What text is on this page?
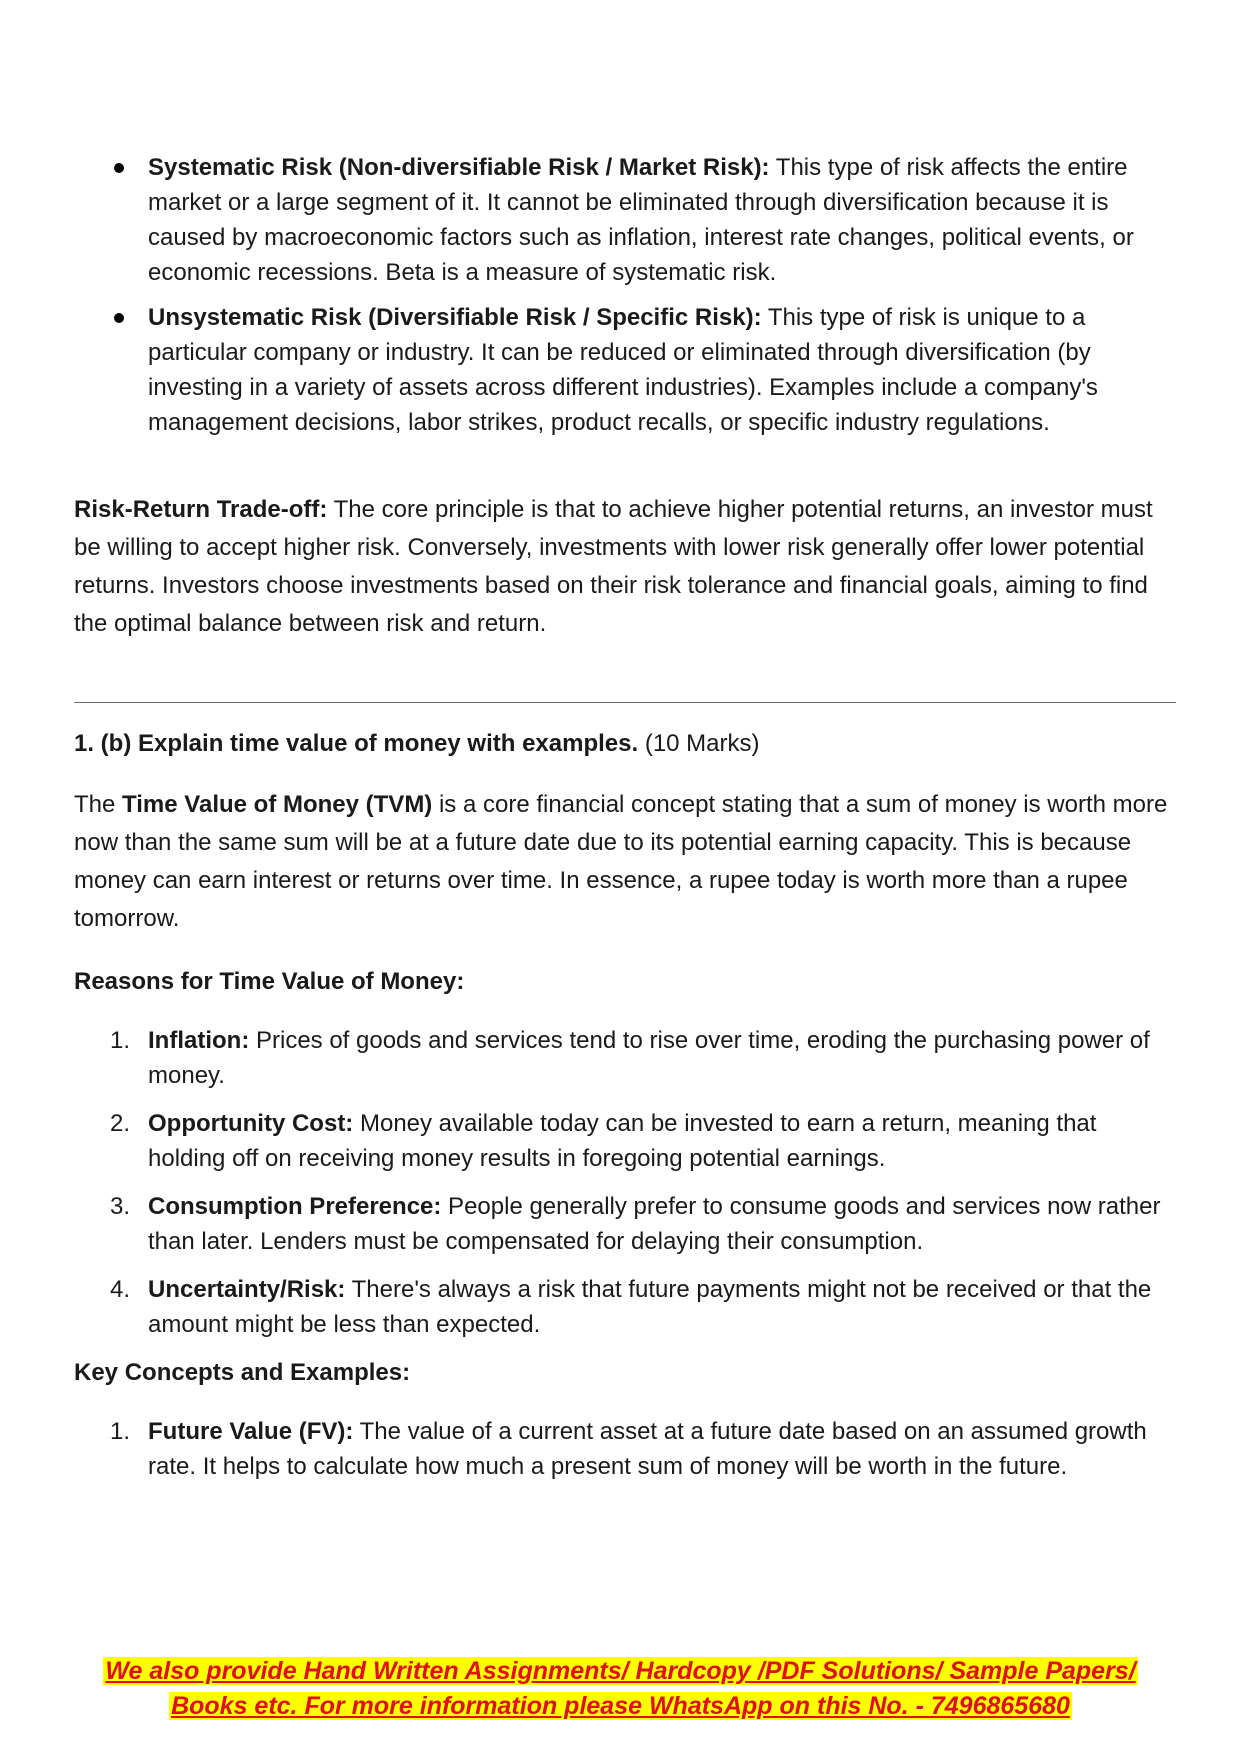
Systematic Risk (Non-diversifiable Risk / Market Risk): This type of risk affects the entire market or a large segment of it. It cannot be eliminated through diversification because it is caused by macroeconomic factors such as inflation, interest rate changes, political events, or economic recessions. Beta is a measure of systematic risk.
Unsystematic Risk (Diversifiable Risk / Specific Risk): This type of risk is unique to a particular company or industry. It can be reduced or eliminated through diversification (by investing in a variety of assets across different industries). Examples include a company's management decisions, labor strikes, product recalls, or specific industry regulations.

Risk-Return Trade-off: The core principle is that to achieve higher potential returns, an investor must be willing to accept higher risk. Conversely, investments with lower risk generally offer lower potential returns. Investors choose investments based on their risk tolerance and financial goals, aiming to find the optimal balance between risk and return.

1. (b) Explain time value of money with examples. (10 Marks)

The Time Value of Money (TVM) is a core financial concept stating that a sum of money is worth more now than the same sum will be at a future date due to its potential earning capacity. This is because money can earn interest or returns over time. In essence, a rupee today is worth more than a rupee tomorrow.

Reasons for Time Value of Money:

1. Inflation: Prices of goods and services tend to rise over time, eroding the purchasing power of money.
2. Opportunity Cost: Money available today can be invested to earn a return, meaning that holding off on receiving money results in foregoing potential earnings.
3. Consumption Preference: People generally prefer to consume goods and services now rather than later. Lenders must be compensated for delaying their consumption.
4. Uncertainty/Risk: There's always a risk that future payments might not be received or that the amount might be less than expected.

Key Concepts and Examples:

1. Future Value (FV): The value of a current asset at a future date based on an assumed growth rate. It helps to calculate how much a present sum of money will be worth in the future.
We also provide Hand Written Assignments/ Hardcopy /PDF Solutions/ Sample Papers/
Books etc. For more information please WhatsApp on this No. - 7496865680
